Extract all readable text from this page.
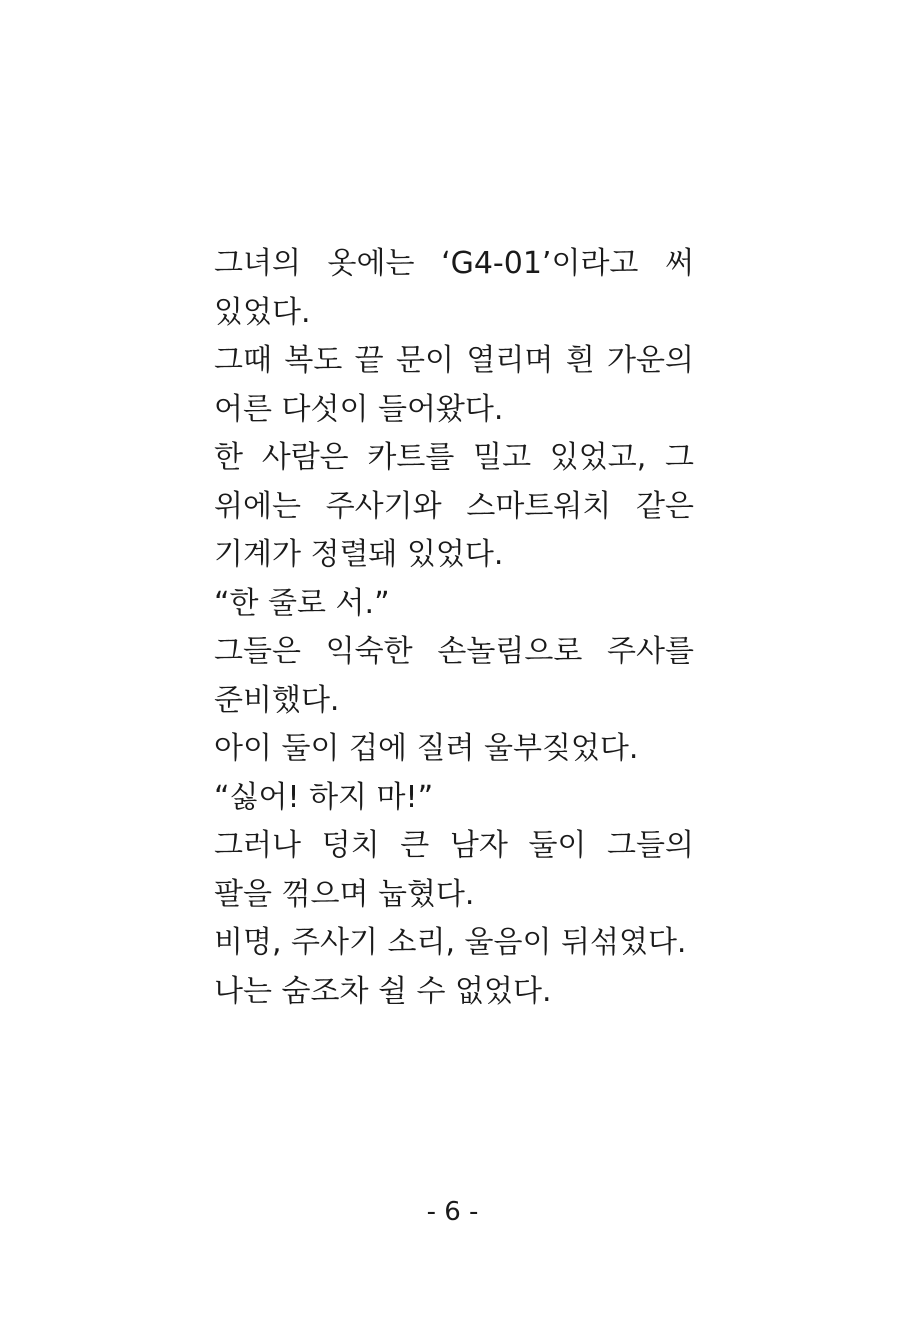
그녀의 옷에는 ‘G4-01’이라고 써 있었다.

그때 복도 끝 문이 열리며 흰 가운의 어른 다섯이 들어왔다.

한 사람은 카트를 밀고 있었고, 그 위에는 주사기와 스마트워치 같은 기계가 정렬돼 있었다.

“한 줄로 서.”

그들은 익숙한 손놀림으로 주사를 준비했다.

아이 둘이 겁에 질려 울부짖었다.

“싫어! 하지 마!”

그러나 덩치 큰 남자 둘이 그들의 팔을 꺾으며 눕혔다.

비명, 주사기 소리, 울음이 뒤섞였다.

나는 숨조차 쉴 수 없었다.

- 6 -
